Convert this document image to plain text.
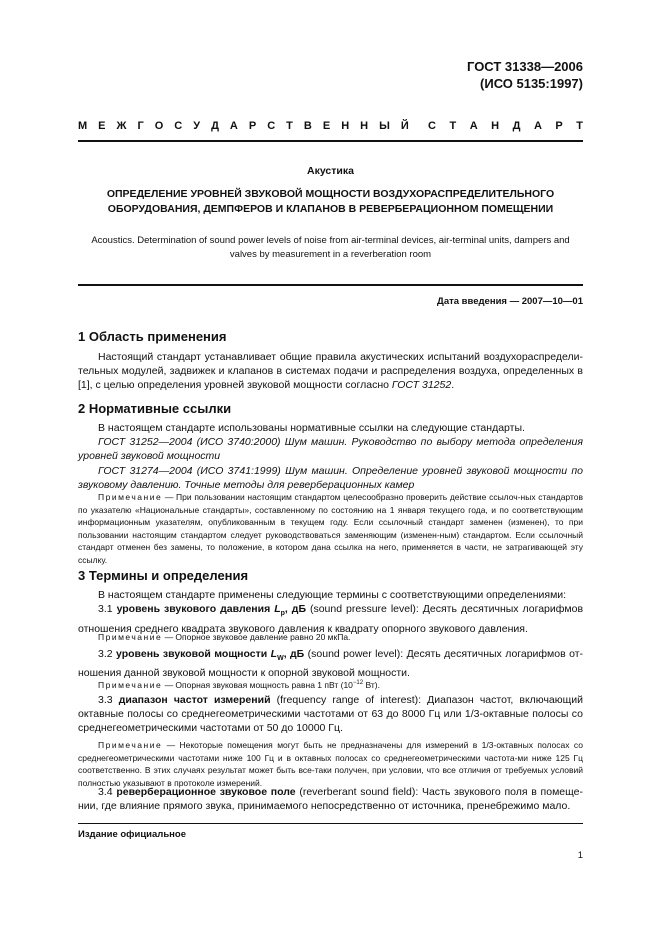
ГОСТ 31338—2006
(ИСО 5135:1997)
М Е Ж Г О С У Д А Р С Т В Е Н Н Ы Й С Т А Н Д А Р Т
Акустика
ОПРЕДЕЛЕНИЕ УРОВНЕЙ ЗВУКОВОЙ МОЩНОСТИ ВОЗДУХОРАСПРЕДЕЛИТЕЛЬНОГО
ОБОРУДОВАНИЯ, ДЕМПФЕРОВ И КЛАПАНОВ В РЕВЕРБЕРАЦИОННОМ ПОМЕЩЕНИИ
Acoustics. Determination of sound power levels of noise from air-terminal devices, air-terminal units, dampers and
valves by measurement in a reverberation room
Дата введения — 2007—10—01
1 Область применения
Настоящий стандарт устанавливает общие правила акустических испытаний воздухораспредели-тельных модулей, задвижек и клапанов в системах подачи и распределения воздуха, определенных в [1], с целью определения уровней звуковой мощности согласно ГОСТ 31252.
2 Нормативные ссылки

В настоящем стандарте использованы нормативные ссылки на следующие стандарты.

ГОСТ 31252—2004 (ИСО 3740:2000) Шум машин. Руководство по выбору метода определения уровней звуковой мощности

ГОСТ 31274—2004 (ИСО 3741:1999) Шум машин. Определение уровней звуковой мощности по звуковому давлению. Точные методы для реверберационных камер

Примечание — При пользовании настоящим стандартом целесообразно проверить действие ссылоч-ных стандартов по указателю «Национальные стандарты», составленному по состоянию на 1 января текущего года, и по соответствующим информационным указателям, опубликованным в текущем году. Если ссылочный стандарт заменен (изменен), то при пользовании настоящим стандартом следует руководствоваться заменяющим (изменен-ным) стандартом. Если ссылочный стандарт отменен без замены, то положение, в котором дана ссылка на него, применяется в части, не затрагивающей эту ссылку.
3 Термины и определения

В настоящем стандарте применены следующие термины с соответствующими определениями:

3.1 уровень звукового давления $L_p$, дБ (sound pressure level): Десять десятичных логарифмов отношения среднего квадрата звукового давления к квадрату опорного звукового давления.

Примечание — Опорное звуковое давление равно 20 мкПа.

3.2 уровень звуковой мощности $L_W$, дБ (sound power level): Десять десятичных логарифмов от-ношения данной звуковой мощности к опорной звуковой мощности.

Примечание — Опорная звуковая мощность равна 1 пВт ($10^{-12}$ Вт).

3.3 диапазон частот измерений (frequency range of interest): Диапазон частот, включающий октавные полосы со среднегеометрическими частотами от 63 до 8000 Гц или 1/3-октавные полосы со среднегеометрическими частотами от 50 до 10000 Гц.

Примечание — Некоторые помещения могут быть не предназначены для измерений в 1/3-октавных полосах со среднегеометрическими частотами ниже 100 Гц и в октавных полосах со среднегеометрическими частота-ми ниже 125 Гц соответственно. В этих случаях результат может быть все-таки получен, при условии, что все отличия от требуемых условий полностью указывают в протоколе измерений.

3.4 реверберационное звуковое поле (reverberant sound field): Часть звукового поля в помеще-нии, где влияние прямого звука, принимаемого непосредственно от источника, пренебрежимо мало.

Издание официальное
1
